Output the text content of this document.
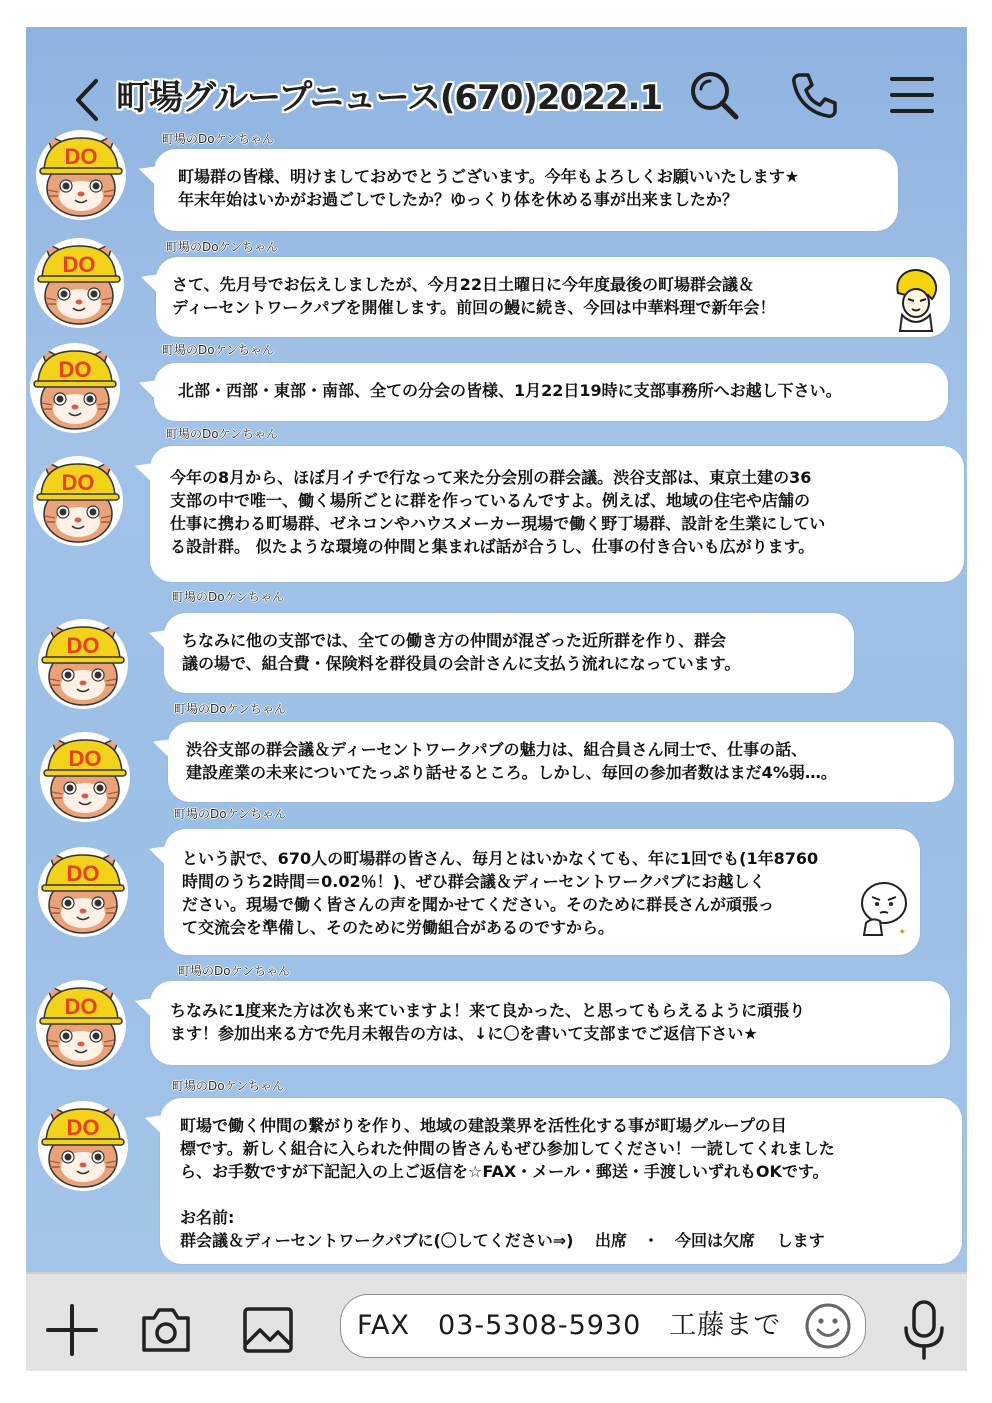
町場グループニュース(670)2022.1
DO
町場のDoケンちゃん
町場群の皆様、明けましておめでとうございます。今年もよろしくお願いいたします★
年末年始はいかがお過ごしでしたか？ゆっくり体を休める事が出来ましたか？
DO
町場のDoケンちゃん
さて、先月号でお伝えしましたが、今月22日土曜日に今年度最後の町場群会議＆
ディーセントワークパブを開催します。前回の鰻に続き、今回は中華料理で新年会！
DO
町場のDoケンちゃん
北部・西部・東部・南部、全ての分会の皆様、1月22日19時に支部事務所へお越し下さい。
DO
町場のDoケンちゃん
今年の8月から、ほぼ月イチで行なって来た分会別の群会議。渋谷支部は、東京土建の36
支部の中で唯一、働く場所ごとに群を作っているんですよ。例えば、地域の住宅や店舗の
仕事に携わる町場群、ゼネコンやハウスメーカー現場で働く野丁場群、設計を生業にしてい
る設計群。 似たような環境の仲間と集まれば話が合うし、仕事の付き合いも広がります。
DO
町場のDoケンちゃん
ちなみに他の支部では、全ての働き方の仲間が混ざった近所群を作り、群会
議の場で、組合費・保険料を群役員の会計さんに支払う流れになっています。
DO
町場のDoケンちゃん
渋谷支部の群会議＆ディーセントワークパブの魅力は、組合員さん同士で、仕事の話、
建設産業の未来についてたっぷり話せるところ。しかし、毎回の参加者数はまだ4%弱…。
DO
町場のDoケンちゃん
という訳で、670人の町場群の皆さん、毎月とはいかなくても、年に1回でも(1年8760
時間のうち2時間＝0.02％！)、ぜひ群会議＆ディーセントワークパブにお越しく
ださい。現場で働く皆さんの声を聞かせてください。そのために群長さんが頑張っ
て交流会を準備し、そのために労働組合があるのですから。	✦
DO
町場のDoケンちゃん
ちなみに1度来た方は次も来ていますよ！来て良かった、と思ってもらえるように頑張り
ます！参加出来る方で先月未報告の方は、↓に〇を書いて支部までご返信下さい★
DO
町場のDoケンちゃん
町場で働く仲間の繋がりを作り、地域の建設業界を活性化する事が町場グループの目
標です。新しく組合に入られた仲間の皆さんもぜひ参加してください！一読してくれました
ら、お手数ですが下記記入の上ご返信を☆FAX・メール・郵送・手渡しいずれもOKです。

お名前:
群会議＆ディーセントワークパブに(〇してください⇒)　 出席　・　今回は欠席　 します
FAX　03-5308-5930　工藤まで
